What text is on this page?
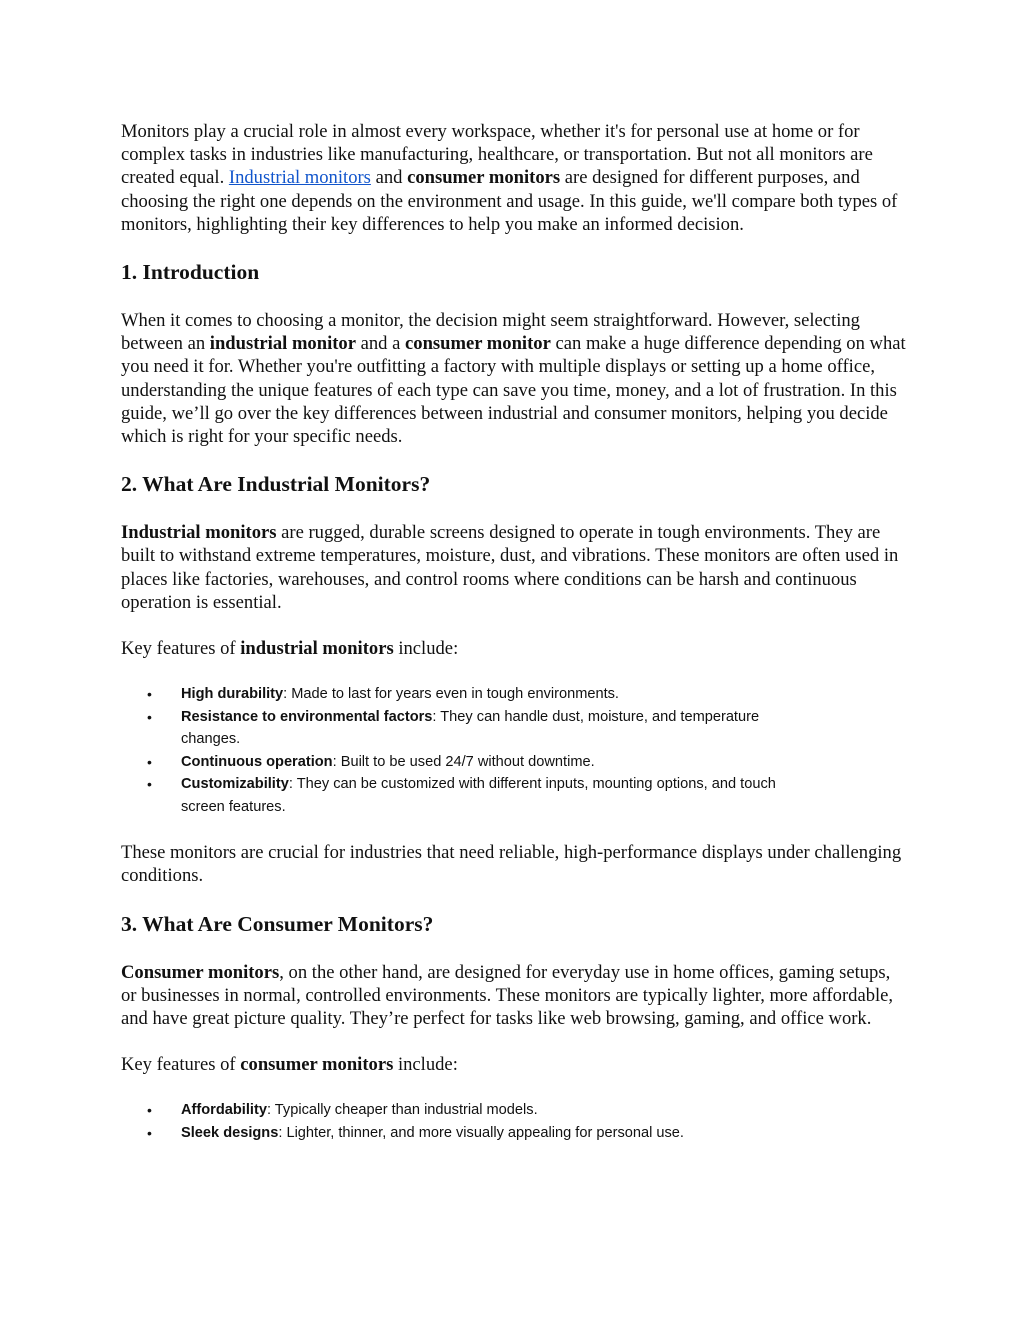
Monitors play a crucial role in almost every workspace, whether it's for personal use at home or for complex tasks in industries like manufacturing, healthcare, or transportation. But not all monitors are created equal. Industrial monitors and consumer monitors are designed for different purposes, and choosing the right one depends on the environment and usage. In this guide, we'll compare both types of monitors, highlighting their key differences to help you make an informed decision.

1. Introduction

When it comes to choosing a monitor, the decision might seem straightforward. However, selecting between an industrial monitor and a consumer monitor can make a huge difference depending on what you need it for. Whether you're outfitting a factory with multiple displays or setting up a home office, understanding the unique features of each type can save you time, money, and a lot of frustration. In this guide, we’ll go over the key differences between industrial and consumer monitors, helping you decide which is right for your specific needs.

2. What Are Industrial Monitors?

Industrial monitors are rugged, durable screens designed to operate in tough environments. They are built to withstand extreme temperatures, moisture, dust, and vibrations. These monitors are often used in places like factories, warehouses, and control rooms where conditions can be harsh and continuous operation is essential.

Key features of industrial monitors include:

• High durability: Made to last for years even in tough environments.
• Resistance to environmental factors: They can handle dust, moisture, and temperature changes.
• Continuous operation: Built to be used 24/7 without downtime.
• Customizability: They can be customized with different inputs, mounting options, and touch screen features.

These monitors are crucial for industries that need reliable, high-performance displays under challenging conditions.

3. What Are Consumer Monitors?

Consumer monitors, on the other hand, are designed for everyday use in home offices, gaming setups, or businesses in normal, controlled environments. These monitors are typically lighter, more affordable, and have great picture quality. They’re perfect for tasks like web browsing, gaming, and office work.

Key features of consumer monitors include:

• Affordability: Typically cheaper than industrial models.
• Sleek designs: Lighter, thinner, and more visually appealing for personal use.
